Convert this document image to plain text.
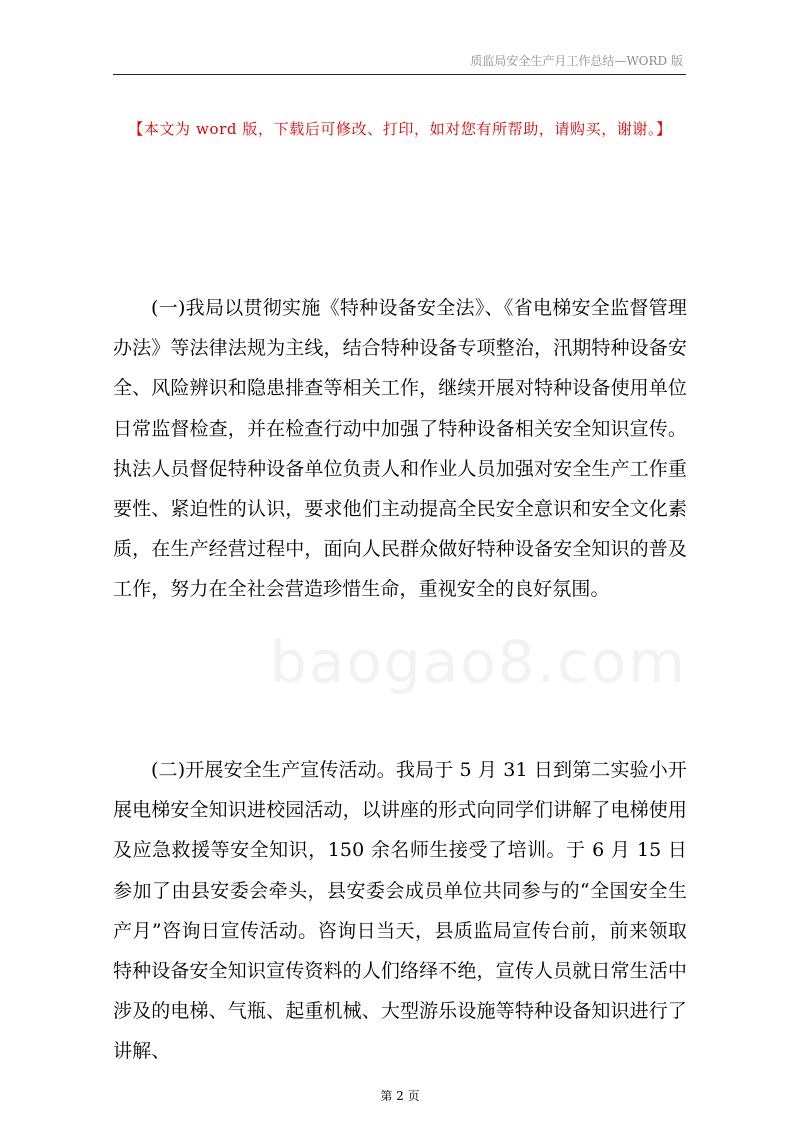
质监局安全生产月工作总结—WORD 版
【本文为 word 版，下载后可修改、打印，如对您有所帮助，请购买，谢谢。】
baogao8.com
(一)我局以贯彻实施《特种设备安全法》、《省电梯安全监督管理办法》等法律法规为主线，结合特种设备专项整治，汛期特种设备安全、风险辨识和隐患排查等相关工作，继续开展对特种设备使用单位日常监督检查，并在检查行动中加强了特种设备相关安全知识宣传。执法人员督促特种设备单位负责人和作业人员加强对安全生产工作重要性、紧迫性的认识，要求他们主动提高全民安全意识和安全文化素质，在生产经营过程中，面向人民群众做好特种设备安全知识的普及工作，努力在全社会营造珍惜生命，重视安全的良好氛围。
(二)开展安全生产宣传活动。我局于 5 月 31 日到第二实验小开展电梯安全知识进校园活动，以讲座的形式向同学们讲解了电梯使用及应急救援等安全知识，150 余名师生接受了培训。于 6 月 15 日参加了由县安委会牵头，县安委会成员单位共同参与的“全国安全生产月”咨询日宣传活动。咨询日当天，县质监局宣传台前，前来领取特种设备安全知识宣传资料的人们络绎不绝，宣传人员就日常生活中涉及的电梯、气瓶、起重机械、大型游乐设施等特种设备知识进行了讲解、
第 2 页
